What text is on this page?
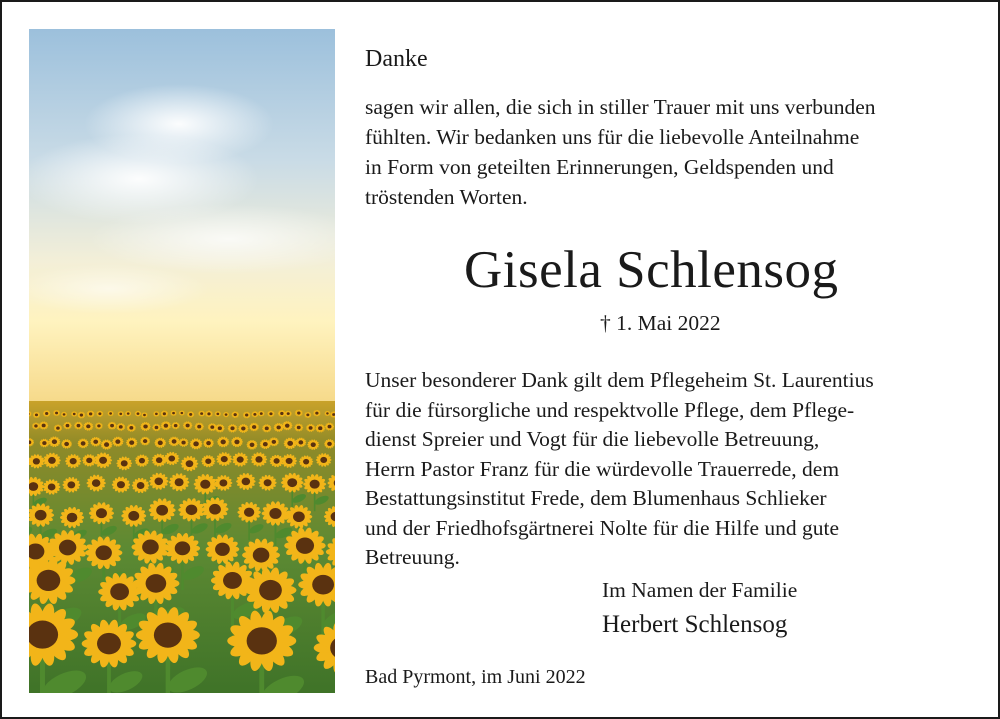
Danke
sagen wir allen, die sich in stiller Trauer mit uns verbunden
fühlten. Wir bedanken uns für die liebevolle Anteilnahme
in Form von geteilten Erinnerungen, Geldspenden und
tröstenden Worten.
Gisela Schlensog
† 1. Mai 2022
Unser besonderer Dank gilt dem Pflegeheim St. Laurentius
für die fürsorgliche und respektvolle Pflege, dem Pflege-
dienst Spreier und Vogt für die liebevolle Betreuung,
Herrn Pastor Franz für die würdevolle Trauerrede, dem
Bestattungsinstitut Frede, dem Blumenhaus Schlieker
und der Friedhofsgärtnerei Nolte für die Hilfe und gute
Betreuung.
Im Namen der Familie
Herbert Schlensog
Bad Pyrmont, im Juni 2022
